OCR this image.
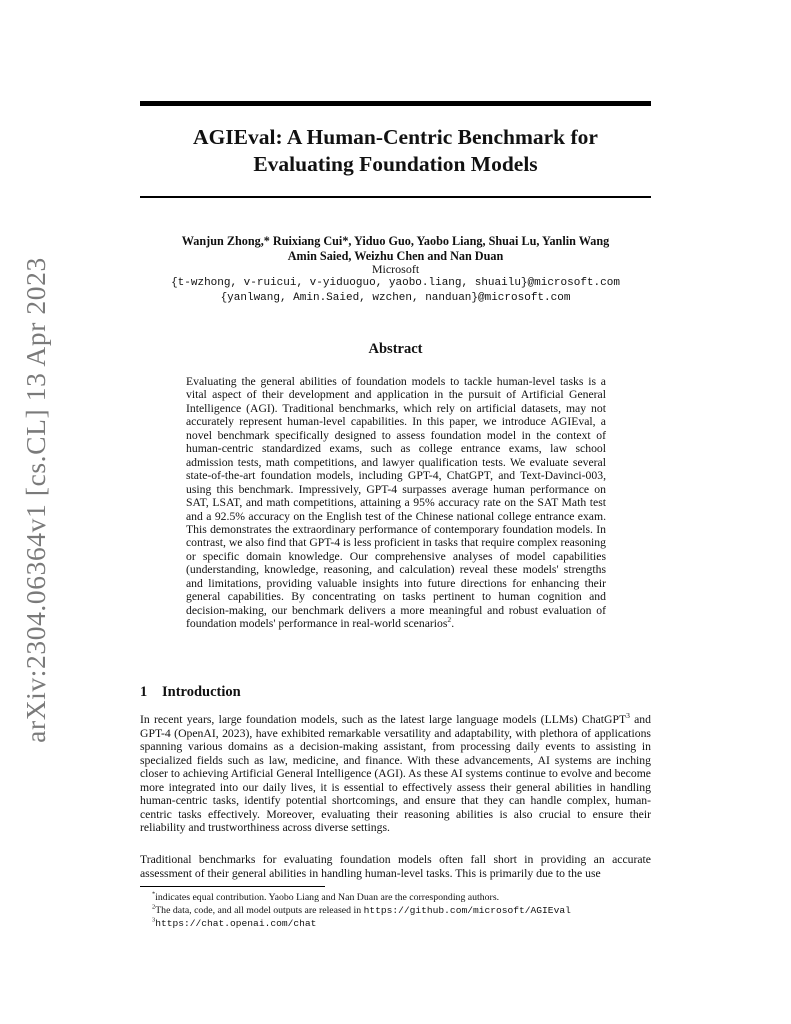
arXiv:2304.06364v1 [cs.CL] 13 Apr 2023
AGIEval: A Human-Centric Benchmark for
Evaluating Foundation Models
Wanjun Zhong,* Ruixiang Cui*, Yiduo Guo, Yaobo Liang, Shuai Lu, Yanlin Wang
Amin Saied, Weizhu Chen and Nan Duan
Microsoft
{t-wzhong, v-ruicui, v-yiduoguo, yaobo.liang, shuailu}@microsoft.com
{yanlwang, Amin.Saied, wzchen, nanduan}@microsoft.com
Abstract
Evaluating the general abilities of foundation models to tackle human-level tasks is a vital aspect of their development and application in the pursuit of Artificial General Intelligence (AGI). Traditional benchmarks, which rely on artificial datasets, may not accurately represent human-level capabilities. In this paper, we introduce AGIEval, a novel benchmark specifically designed to assess foundation model in the context of human-centric standardized exams, such as college entrance exams, law school admission tests, math competitions, and lawyer qualification tests. We evaluate several state-of-the-art foundation models, including GPT-4, ChatGPT, and Text-Davinci-003, using this benchmark. Impressively, GPT-4 surpasses average human performance on SAT, LSAT, and math competitions, attaining a 95% accuracy rate on the SAT Math test and a 92.5% accuracy on the English test of the Chinese national college entrance exam. This demonstrates the extraordinary performance of contemporary foundation models. In contrast, we also find that GPT-4 is less proficient in tasks that require complex reasoning or specific domain knowledge. Our comprehensive analyses of model capabilities (understanding, knowledge, reasoning, and calculation) reveal these models' strengths and limitations, providing valuable insights into future directions for enhancing their general capabilities. By concentrating on tasks pertinent to human cognition and decision-making, our benchmark delivers a more meaningful and robust evaluation of foundation models' performance in real-world scenarios$^2$.
1 Introduction
In recent years, large foundation models, such as the latest large language models (LLMs) ChatGPT$^3$ and GPT-4 (OpenAI, 2023), have exhibited remarkable versatility and adaptability, with plethora of applications spanning various domains as a decision-making assistant, from processing daily events to assisting in specialized fields such as law, medicine, and finance. With these advancements, AI systems are inching closer to achieving Artificial General Intelligence (AGI). As these AI systems continue to evolve and become more integrated into our daily lives, it is essential to effectively assess their general abilities in handling human-centric tasks, identify potential shortcomings, and ensure that they can handle complex, human-centric tasks effectively. Moreover, evaluating their reasoning abilities is also crucial to ensure their reliability and trustworthiness across diverse settings.
Traditional benchmarks for evaluating foundation models often fall short in providing an accurate assessment of their general abilities in handling human-level tasks. This is primarily due to the use
*indicates equal contribution. Yaobo Liang and Nan Duan are the corresponding authors.
$^2$The data, code, and all model outputs are released in https://github.com/microsoft/AGIEval
$^3$https://chat.openai.com/chat
